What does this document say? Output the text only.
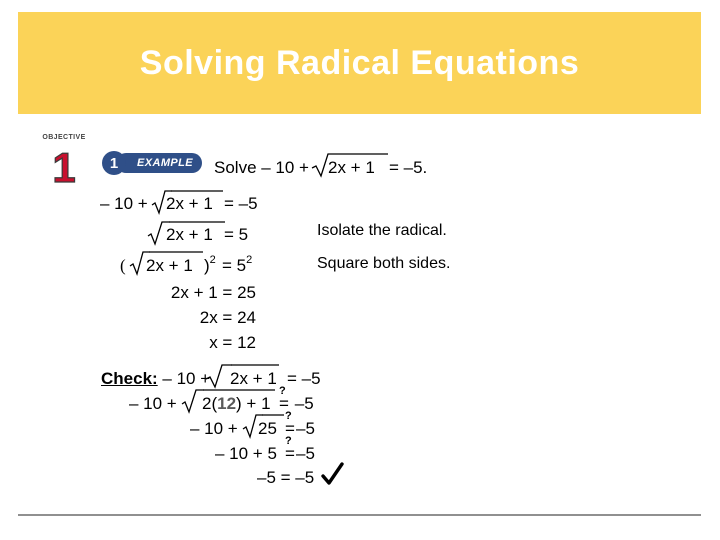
Solving Radical Equations
OBJECTIVE
1	EXAMPLE
1	Solve – 10 + 2x + 1 = –5.
– 10 + 2x + 1 = –5
2x + 1 = 5	Isolate the radical.
( 2x + 1 )$^2 = 5^2$	Square both sides.
2x + 1 = 25
2x = 24
x = 12
Check: – 10 + 2x + 1 = –5
– 10 + 2(12) + 1
?
= –5
– 10 + 25
?
=–5
– 10 + 5
?
=–5
–5 = –5
